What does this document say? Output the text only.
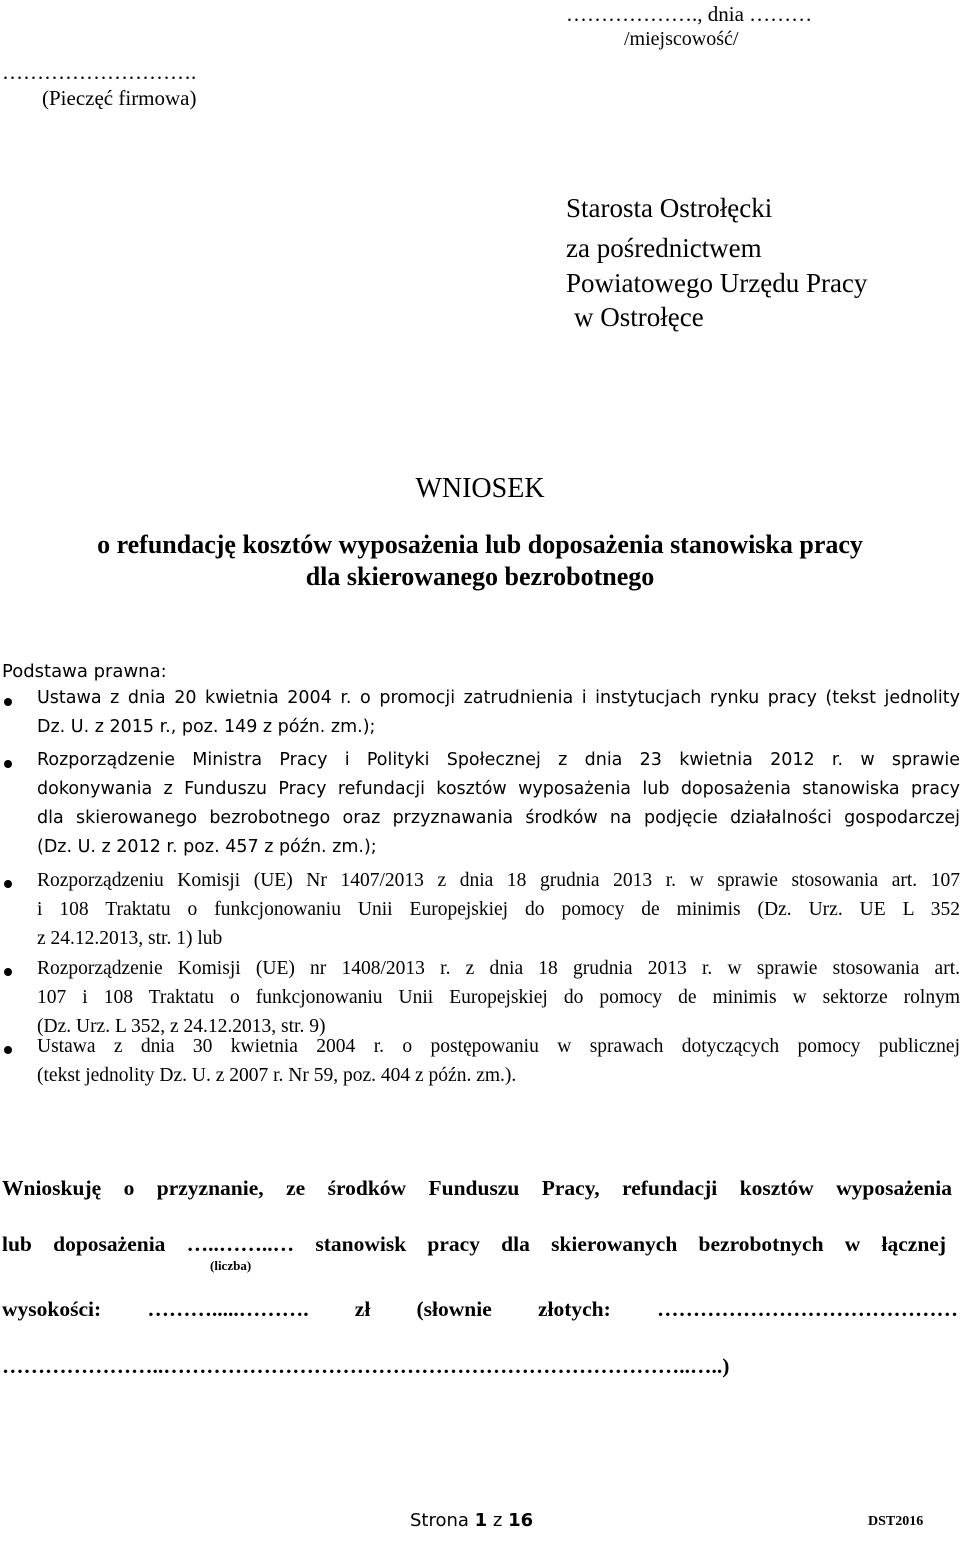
………………., dnia ………
/miejscowość/
……………………….
(Pieczęć firmowa)
Starosta Ostrołęcki
za pośrednictwem
Powiatowego Urzędu Pracy
w Ostrołęce
WNIOSEK
o refundację kosztów wyposażenia lub doposażenia stanowiska pracy
dla skierowanego bezrobotnego
Podstawa prawna:
Ustawa z dnia 20 kwietnia 2004 r. o promocji zatrudnienia i instytucjach rynku pracy (tekst jednolity
Dz. U. z 2015 r., poz. 149 z późn. zm.);
Rozporządzenie Ministra Pracy i Polityki Społecznej z dnia 23 kwietnia 2012 r. w sprawie
dokonywania z Funduszu Pracy refundacji kosztów wyposażenia lub doposażenia stanowiska pracy
dla skierowanego bezrobotnego oraz przyznawania środków na podjęcie działalności gospodarczej
(Dz. U. z 2012 r. poz. 457 z późn. zm.);
Rozporządzeniu Komisji (UE) Nr 1407/2013 z dnia 18 grudnia 2013 r. w sprawie stosowania art. 107
i 108 Traktatu o funkcjonowaniu Unii Europejskiej do pomocy de minimis (Dz. Urz. UE L 352
z 24.12.2013, str. 1) lub
Rozporządzenie Komisji (UE) nr 1408/2013 r. z dnia 18 grudnia 2013 r. w sprawie stosowania art.
107 i 108 Traktatu o funkcjonowaniu Unii Europejskiej do pomocy de minimis w sektorze rolnym
(Dz. Urz. L 352, z 24.12.2013, str. 9)
Ustawa z dnia 30 kwietnia 2004 r. o postępowaniu w sprawach dotyczących pomocy publicznej
(tekst jednolity Dz. U. z 2007 r. Nr 59, poz. 404 z późn. zm.).
Wnioskuję o przyznanie, ze środków Funduszu Pracy, refundacji kosztów wyposażenia
lub doposażenia …..……..… stanowisk pracy dla skierowanych bezrobotnych w łącznej
(liczba)
wysokości: ……….....………. zł (słownie złotych: ……………………………………
…………………..………………………………………………………………..…..)
Strona 1 z 16	DST2016
